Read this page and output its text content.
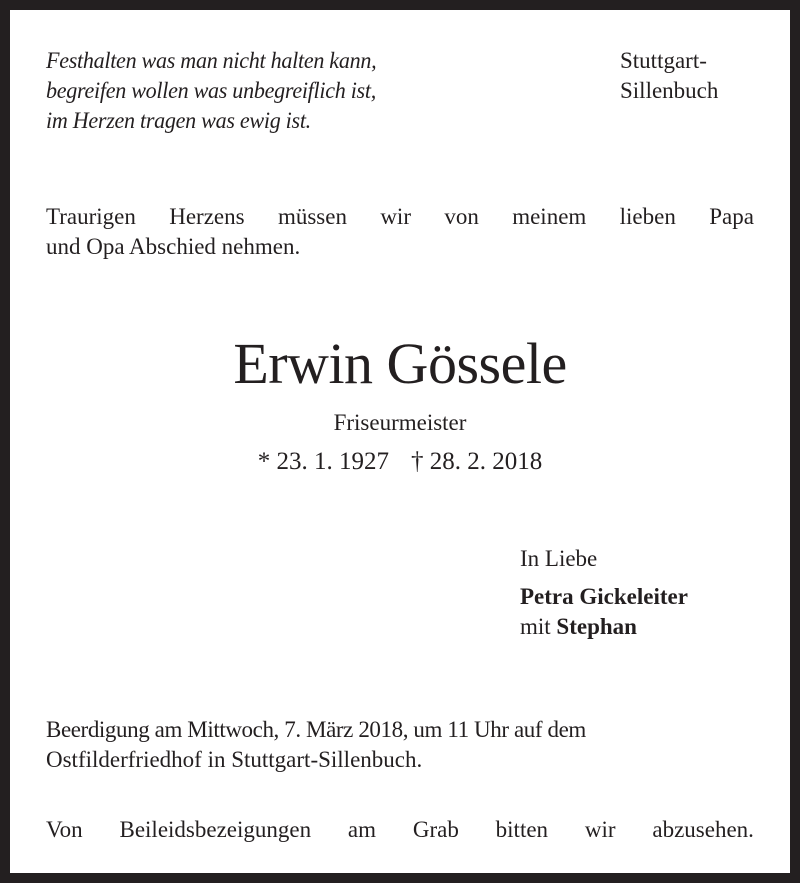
Festhalten was man nicht halten kann,
begreifen wollen was unbegreiflich ist,
im Herzen tragen was ewig ist.
Stuttgart-
Sillenbuch
Traurigen Herzens müssen wir von meinem lieben Papa
und Opa Abschied nehmen.
Erwin Gössele
Friseurmeister
* 23. 1. 1927 † 28. 2. 2018
In Liebe
Petra Gickeleiter
mit Stephan
Beerdigung am Mittwoch, 7. März 2018, um 11 Uhr auf dem
Ostfilderfriedhof in Stuttgart-Sillenbuch.
Von Beileidsbezeigungen am Grab bitten wir abzusehen.
